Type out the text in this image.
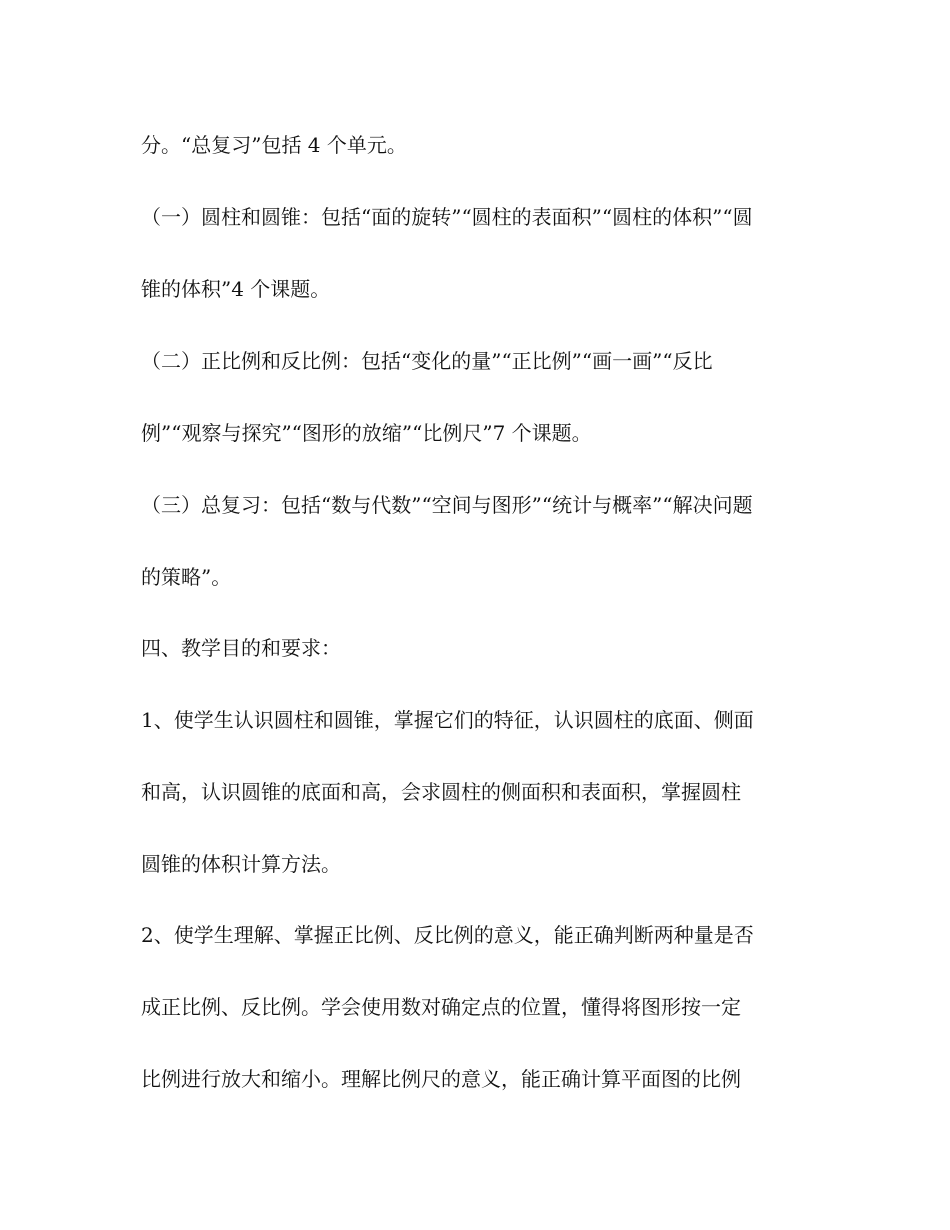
分。“总复习”包括 4 个单元。
（一）圆柱和圆锥：包括“面的旋转”“圆柱的表面积”“圆柱的体积”“圆
锥的体积”4 个课题。
（二）正比例和反比例：包括“变化的量”“正比例”“画一画”“反比
例”“观察与探究”“图形的放缩”“比例尺”7 个课题。
（三）总复习：包括“数与代数”“空间与图形”“统计与概率”“解决问题
的策略”。
四、教学目的和要求：
1、使学生认识圆柱和圆锥，掌握它们的特征，认识圆柱的底面、侧面
和高，认识圆锥的底面和高，会求圆柱的侧面积和表面积，掌握圆柱
圆锥的体积计算方法。
2、使学生理解、掌握正比例、反比例的意义，能正确判断两种量是否
成正比例、反比例。学会使用数对确定点的位置，懂得将图形按一定
比例进行放大和缩小。理解比例尺的意义，能正确计算平面图的比例
